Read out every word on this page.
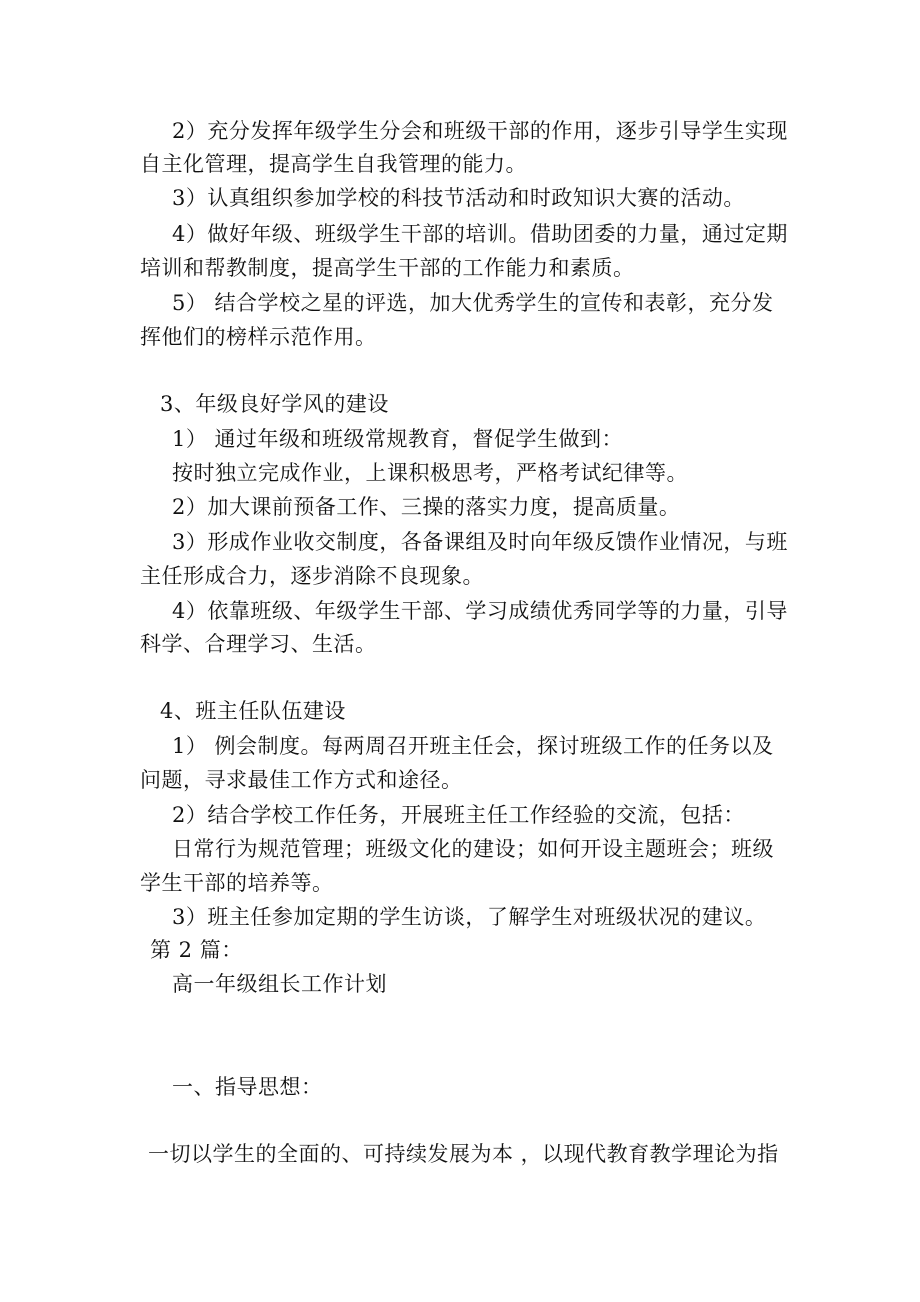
2）充分发挥年级学生分会和班级干部的作用，逐步引导学生实现
自主化管理，提高学生自我管理的能力。
3）认真组织参加学校的科技节活动和时政知识大赛的活动。
4）做好年级、班级学生干部的培训。借助团委的力量，通过定期
培训和帮教制度，提高学生干部的工作能力和素质。
5） 结合学校之星的评选，加大优秀学生的宣传和表彰，充分发
挥他们的榜样示范作用。
3、年级良好学风的建设
1） 通过年级和班级常规教育，督促学生做到：
按时独立完成作业，上课积极思考，严格考试纪律等。
2）加大课前预备工作、三操的落实力度，提高质量。
3）形成作业收交制度，各备课组及时向年级反馈作业情况，与班
主任形成合力，逐步消除不良现象。
4）依靠班级、年级学生干部、学习成绩优秀同学等的力量，引导
科学、合理学习、生活。
4、班主任队伍建设
1） 例会制度。每两周召开班主任会，探讨班级工作的任务以及
问题，寻求最佳工作方式和途径。
2）结合学校工作任务，开展班主任工作经验的交流，包括：
日常行为规范管理；班级文化的建设；如何开设主题班会；班级
学生干部的培养等。
3）班主任参加定期的学生访谈，了解学生对班级状况的建议。
第 2 篇：
高一年级组长工作计划
一、指导思想：
一切以学生的全面的、可持续发展为本 ，以现代教育教学理论为指
